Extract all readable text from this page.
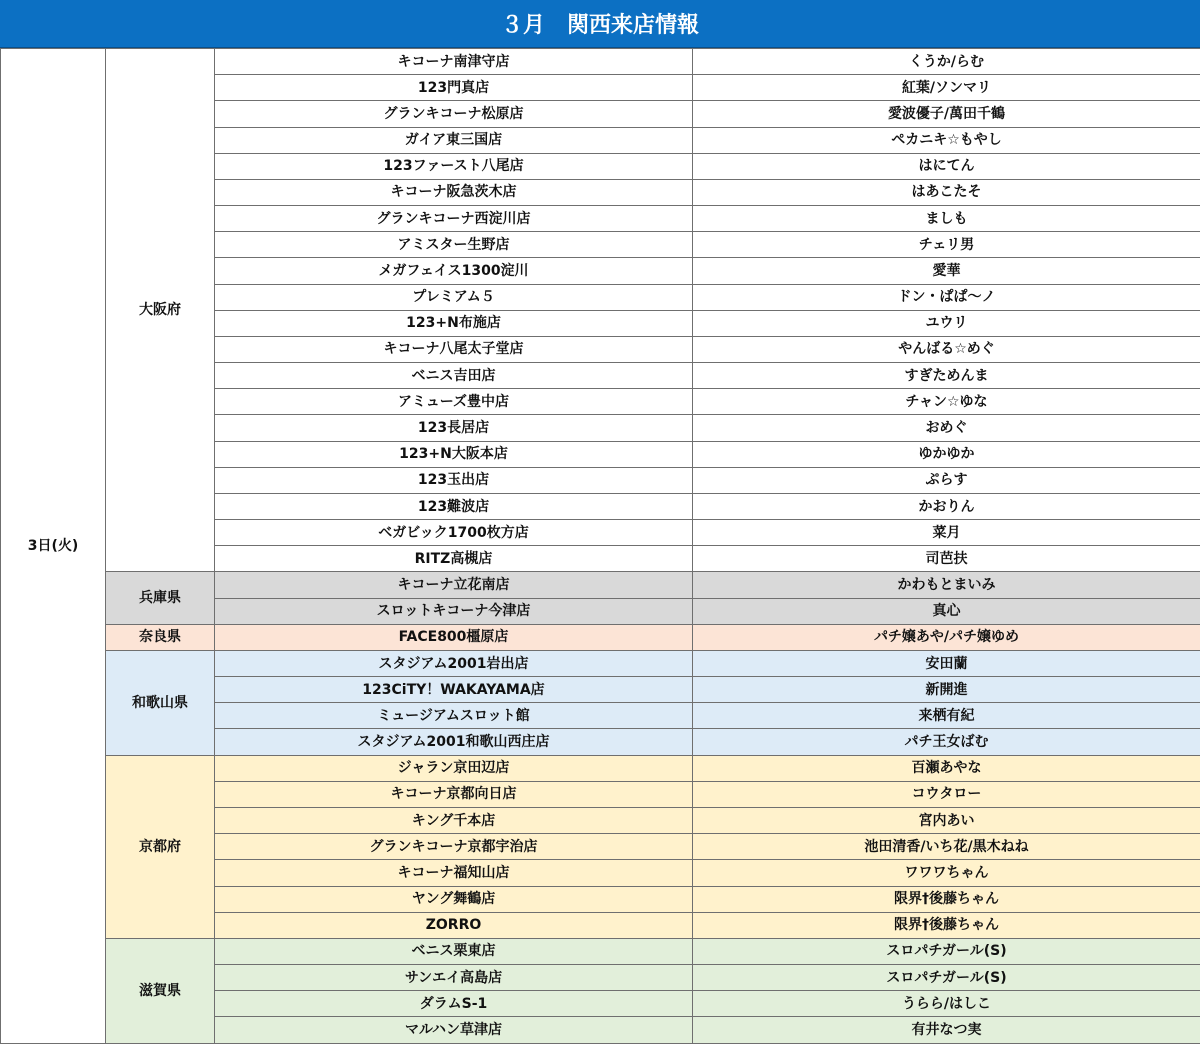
３月　関西来店情報
3日(火)	大阪府	キコーナ南津守店	くうか/らむ
		123門真店	紅葉/ソンマリ
		グランキコーナ松原店	愛波優子/萬田千鶴
		ガイア東三国店	ペカニキ☆もやし
		123ファースト八尾店	はにてん
		キコーナ阪急茨木店	はあこたそ
		グランキコーナ西淀川店	ましも
		アミスター生野店	チェリ男
		メガフェイス1300淀川	愛華
		プレミアム５	ドン・ぱぱ～ノ
		123+N布施店	ユウリ
		キコーナ八尾太子堂店	やんばる☆めぐ
		ベニス吉田店	すぎためんま
		アミューズ豊中店	チャン☆ゆな
		123長居店	おめぐ
		123+N大阪本店	ゆかゆか
		123玉出店	ぷらす
		123難波店	かおりん
		ベガビック1700枚方店	菜月
		RITZ高槻店	司芭扶
	兵庫県	キコーナ立花南店	かわもとまいみ
		スロットキコーナ今津店	真心
	奈良県	FACE800橿原店	パチ嬢あや/パチ嬢ゆめ
	和歌山県	スタジアム2001岩出店	安田蘭
		123CiTY！WAKAYAMA店	新開進
		ミュージアムスロット館	来栖有紀
		スタジアム2001和歌山西庄店	パチ王女ばむ
	京都府	ジャラン京田辺店	百瀬あやな
		キコーナ京都向日店	コウタロー
		キング千本店	宮内あい
		グランキコーナ京都宇治店	池田清香/いち花/黒木ねね
		キコーナ福知山店	ワワワちゃん
		ヤング舞鶴店	限界†後藤ちゃん
		ZORRO	限界†後藤ちゃん
	滋賀県	ベニス栗東店	スロパチガール(S)
		サンエイ高島店	スロパチガール(S)
		ダラムS-1	うらら/はしこ
		マルハン草津店	有井なつ実
